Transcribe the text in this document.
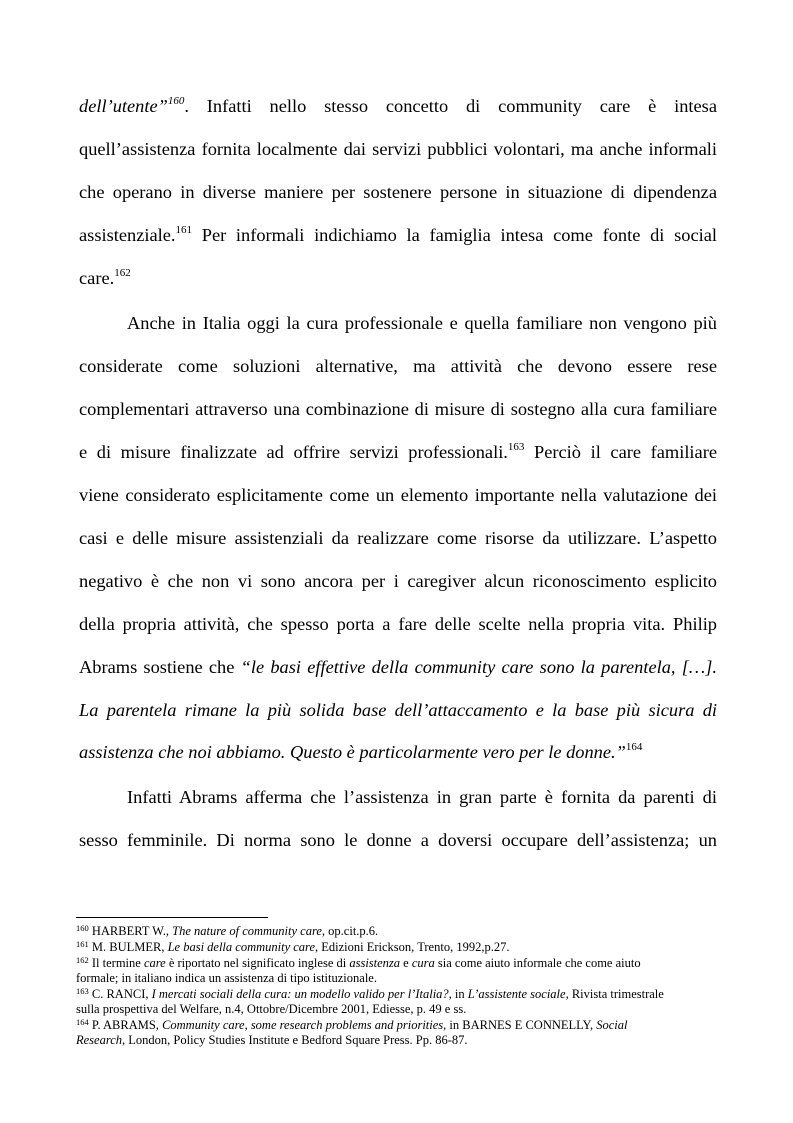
dell’utente”$^{160}$. Infatti nello stesso concetto di community care è intesa
quell’assistenza fornita localmente dai servizi pubblici volontari, ma anche informali
che operano in diverse maniere per sostenere persone in situazione di dipendenza
assistenziale.$^{161}$ Per informali indichiamo la famiglia intesa come fonte di social
care.$^{162}$
Anche in Italia oggi la cura professionale e quella familiare non vengono più
considerate come soluzioni alternative, ma attività che devono essere rese
complementari attraverso una combinazione di misure di sostegno alla cura familiare
e di misure finalizzate ad offrire servizi professionali.$^{163}$ Perciò il care familiare
viene considerato esplicitamente come un elemento importante nella valutazione dei
casi e delle misure assistenziali da realizzare come risorse da utilizzare. L’aspetto
negativo è che non vi sono ancora per i caregiver alcun riconoscimento esplicito
della propria attività, che spesso porta a fare delle scelte nella propria vita. Philip
Abrams sostiene che “le basi effettive della community care sono la parentela, […].
La parentela rimane la più solida base dell’attaccamento e la base più sicura di
assistenza che noi abbiamo. Questo è particolarmente vero per le donne.”$^{164}$
Infatti Abrams afferma che l’assistenza in gran parte è fornita da parenti di
sesso femminile. Di norma sono le donne a doversi occupare dell’assistenza; un
$^{160}$ HARBERT W., The nature of community care, op.cit.p.6.
$^{161}$ M. BULMER, Le basi della community care, Edizioni Erickson, Trento, 1992,p.27.
$^{162}$ Il termine care è riportato nel significato inglese di assistenza e cura sia come aiuto informale che come aiuto
formale; in italiano indica un assistenza di tipo istituzionale.
$^{163}$ C. RANCI, I mercati sociali della cura: un modello valido per l’Italia?, in L’assistente sociale, Rivista trimestrale
sulla prospettiva del Welfare, n.4, Ottobre/Dicembre 2001, Ediesse, p. 49 e ss.
$^{164}$ P. ABRAMS, Community care, some research problems and priorities, in BARNES E CONNELLY, Social
Research, London, Policy Studies Institute e Bedford Square Press. Pp. 86-87.
